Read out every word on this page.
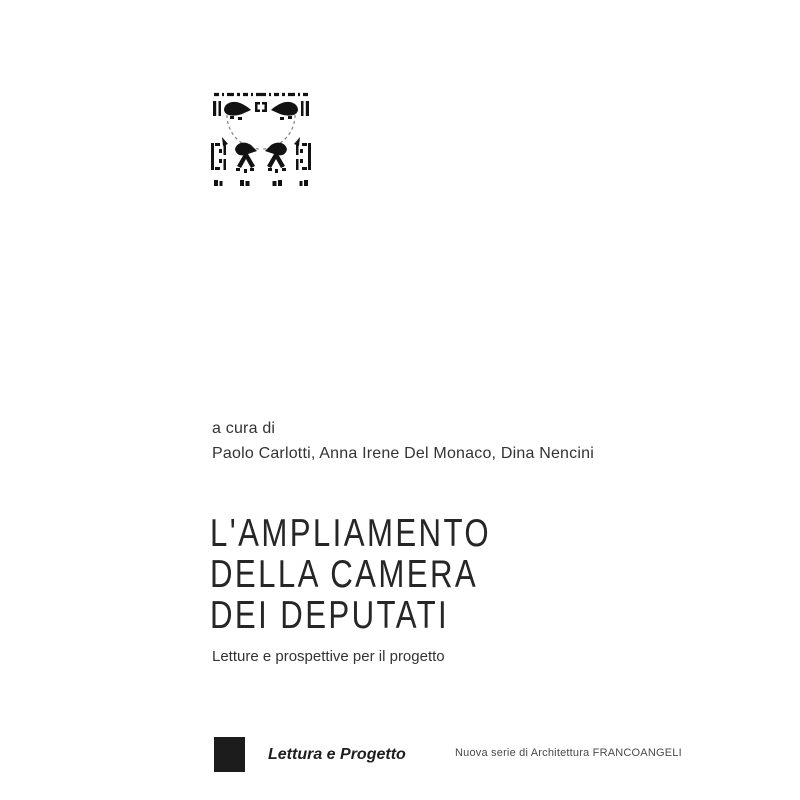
a cura di
Paolo Carlotti, Anna Irene Del Monaco, Dina Nencini
L'AMPLIAMENTO
DELLA CAMERA
DEI DEPUTATI
Letture e prospettive per il progetto
Lettura e Progetto	Nuova serie di Architettura FRANCOANGELI
